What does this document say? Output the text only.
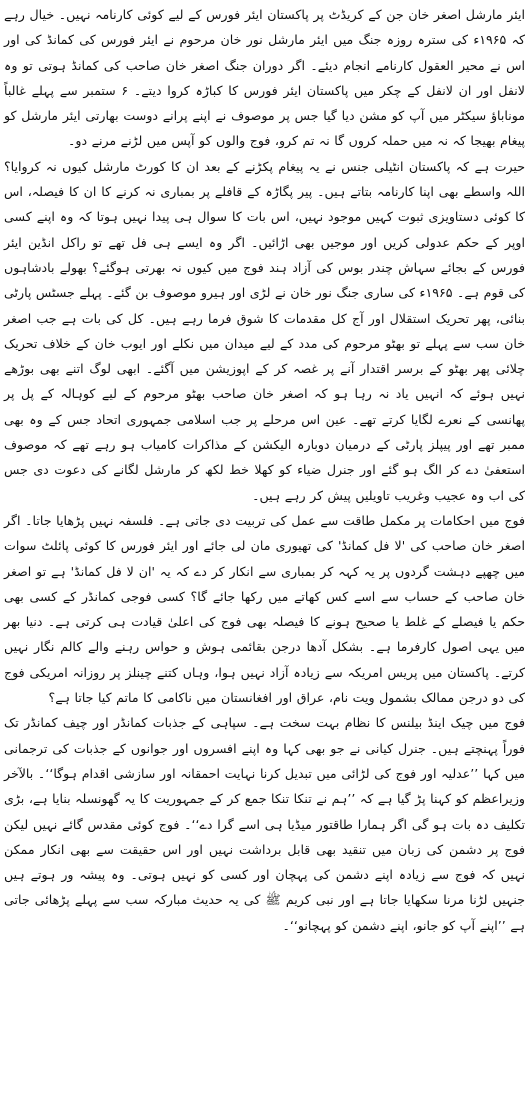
ایئر مارشل اصغر خان جن کے کریڈٹ پر پاکستان ایئر فورس کے لیے کوئی کارنامہ نہیں۔ خیال رہے کہ ۱۹۶۵ء کی سترہ روزہ جنگ میں ایئر مارشل نور خان مرحوم نے ایئر فورس کی کمانڈ کی اور اس نے محیر العقول کارنامے انجام دیئے۔ اگر دوران جنگ اصغر خان صاحب کی کمانڈ ہوتی تو وہ لانفل اور ان لانفل کے چکر میں پاکستان ایئر فورس کا کباڑہ کروا دیتے۔ ۶ ستمبر سے پہلے غالباً موناباؤ سیکٹر میں آپ کو مشن دیا گیا جس پر موصوف نے اپنے پرانے دوست بھارتی ایئر مارشل کو پیغام بھیجا کہ نہ میں حملہ کروں گا نہ تم کرو، فوج والوں کو آپس میں لڑنے مرنے دو۔

حیرت ہے کہ پاکستان انٹیلی جنس نے یہ پیغام پکڑنے کے بعد ان کا کورٹ مارشل کیوں نہ کروایا؟ اللہ واسطے بھی اپنا کارنامہ بتاتے ہیں۔ پیر پگاڑہ کے قافلے پر بمباری نہ کرنے کا ان کا فیصلہ، اس کا کوئی دستاویزی ثبوت کہیں موجود نہیں، اس بات کا سوال ہی پیدا نہیں ہوتا کہ وہ اپنے کسی اوپر کے حکم عدولی کریں اور موجیں بھی اڑائیں۔ اگر وہ ایسے ہی فل تھے تو راکل انڈین ایئر فورس کے بجائے سہاش چندر بوس کی آزاد ہند فوج میں کیوں نہ بھرتی ہوگئے؟ بھولے بادشاہوں کی قوم ہے۔ ۱۹۶۵ء کی ساری جنگ نور خان نے لڑی اور ہیرو موصوف بن گئے۔ پہلے جسٹس پارٹی بنائی، پھر تحریک استقلال اور آج کل مقدمات کا شوق فرما رہے ہیں۔ کل کی بات ہے جب اصغر خان سب سے پہلے تو بھٹو مرحوم کی مدد کے لیے میدان میں نکلے اور ایوب خان کے خلاف تحریک چلائی پھر بھٹو کے برسر اقتدار آنے پر غصہ کر کے اپوزیشن میں آگئے۔ ابھی لوگ اتنے بھی بوڑھے نہیں ہوئے کہ انہیں یاد نہ رہا ہو کہ اصغر خان صاحب بھٹو مرحوم کے لیے کوہالہ کے پل پر پھانسی کے نعرے لگایا کرتے تھے۔ عین اس مرحلے پر جب اسلامی جمہوری اتحاد جس کے وہ بھی ممبر تھے اور پیپلز پارٹی کے درمیان دوبارہ الیکشن کے مذاکرات کامیاب ہو رہے تھے کہ موصوف استعفیٰ دے کر الگ ہو گئے اور جنرل ضیاء کو کھلا خط لکھ کر مارشل لگانے کی دعوت دی جس کی اب وہ عجیب وغریب تاویلیں پیش کر رہے ہیں۔

فوج میں احکامات پر مکمل طاقت سے عمل کی تربیت دی جاتی ہے۔ فلسفہ نہیں پڑھایا جاتا۔ اگر اصغر خان صاحب کی 'لا فل کمانڈ' کی تھیوری مان لی جائے اور ایئر فورس کا کوئی پائلٹ سوات میں چھپے دہشت گردوں پر یہ کہہ کر بمباری سے انکار کر دے کہ یہ 'ان لا فل کمانڈ' ہے تو اصغر خان صاحب کے حساب سے اسے کس کھاتے میں رکھا جائے گا؟ کسی فوجی کمانڈر کے کسی بھی حکم یا فیصلے کے غلط یا صحیح ہونے کا فیصلہ بھی فوج کی اعلیٰ قیادت ہی کرتی ہے۔ دنیا بھر میں یہی اصول کارفرما ہے۔ بشکل آدھا درجن بقائمی ہوش و حواس رہنے والے کالم نگار نہیں کرتے۔ پاکستان میں پریس امریکہ سے زیادہ آزاد نہیں ہوا، وہاں کتنے چینلز پر روزانہ امریکی فوج کی دو درجن ممالک بشمول ویت نام، عراق اور افغانستان میں ناکامی کا ماتم کیا جاتا ہے؟

فوج میں چیک اینڈ بیلنس کا نظام بہت سخت ہے۔ سپاہی کے جذبات کمانڈر اور چیف کمانڈر تک فوراً پہنچتے ہیں۔ جنرل کیانی نے جو بھی کہا وہ اپنے افسروں اور جوانوں کے جذبات کی ترجمانی میں کہا ’’عدلیہ اور فوج کی لڑائی میں تبدیل کرنا نہایت احمقانہ اور سازشی اقدام ہوگا‘‘۔ بالآخر وزیراعظم کو کہنا پڑ گیا ہے کہ ’’ہم نے تنکا تنکا جمع کر کے جمہوریت کا یہ گھونسلہ بنایا ہے، بڑی تکلیف دہ بات ہو گی اگر ہمارا طاقتور میڈیا ہی اسے گرا دے‘‘۔ فوج کوئی مقدس گائے نہیں لیکن فوج پر دشمن کی زبان میں تنقید بھی قابل برداشت نہیں اور اس حقیقت سے بھی انکار ممکن نہیں کہ فوج سے زیادہ اپنے دشمن کی پہچان اور کسی کو نہیں ہوتی۔ وہ پیشہ ور ہوتے ہیں جنہیں لڑنا مرنا سکھایا جاتا ہے اور نبی کریم ﷺ کی یہ حدیث مبارکہ سب سے پہلے پڑھائی جاتی ہے ’’اپنے آپ کو جانو، اپنے دشمن کو پہچانو‘‘۔
